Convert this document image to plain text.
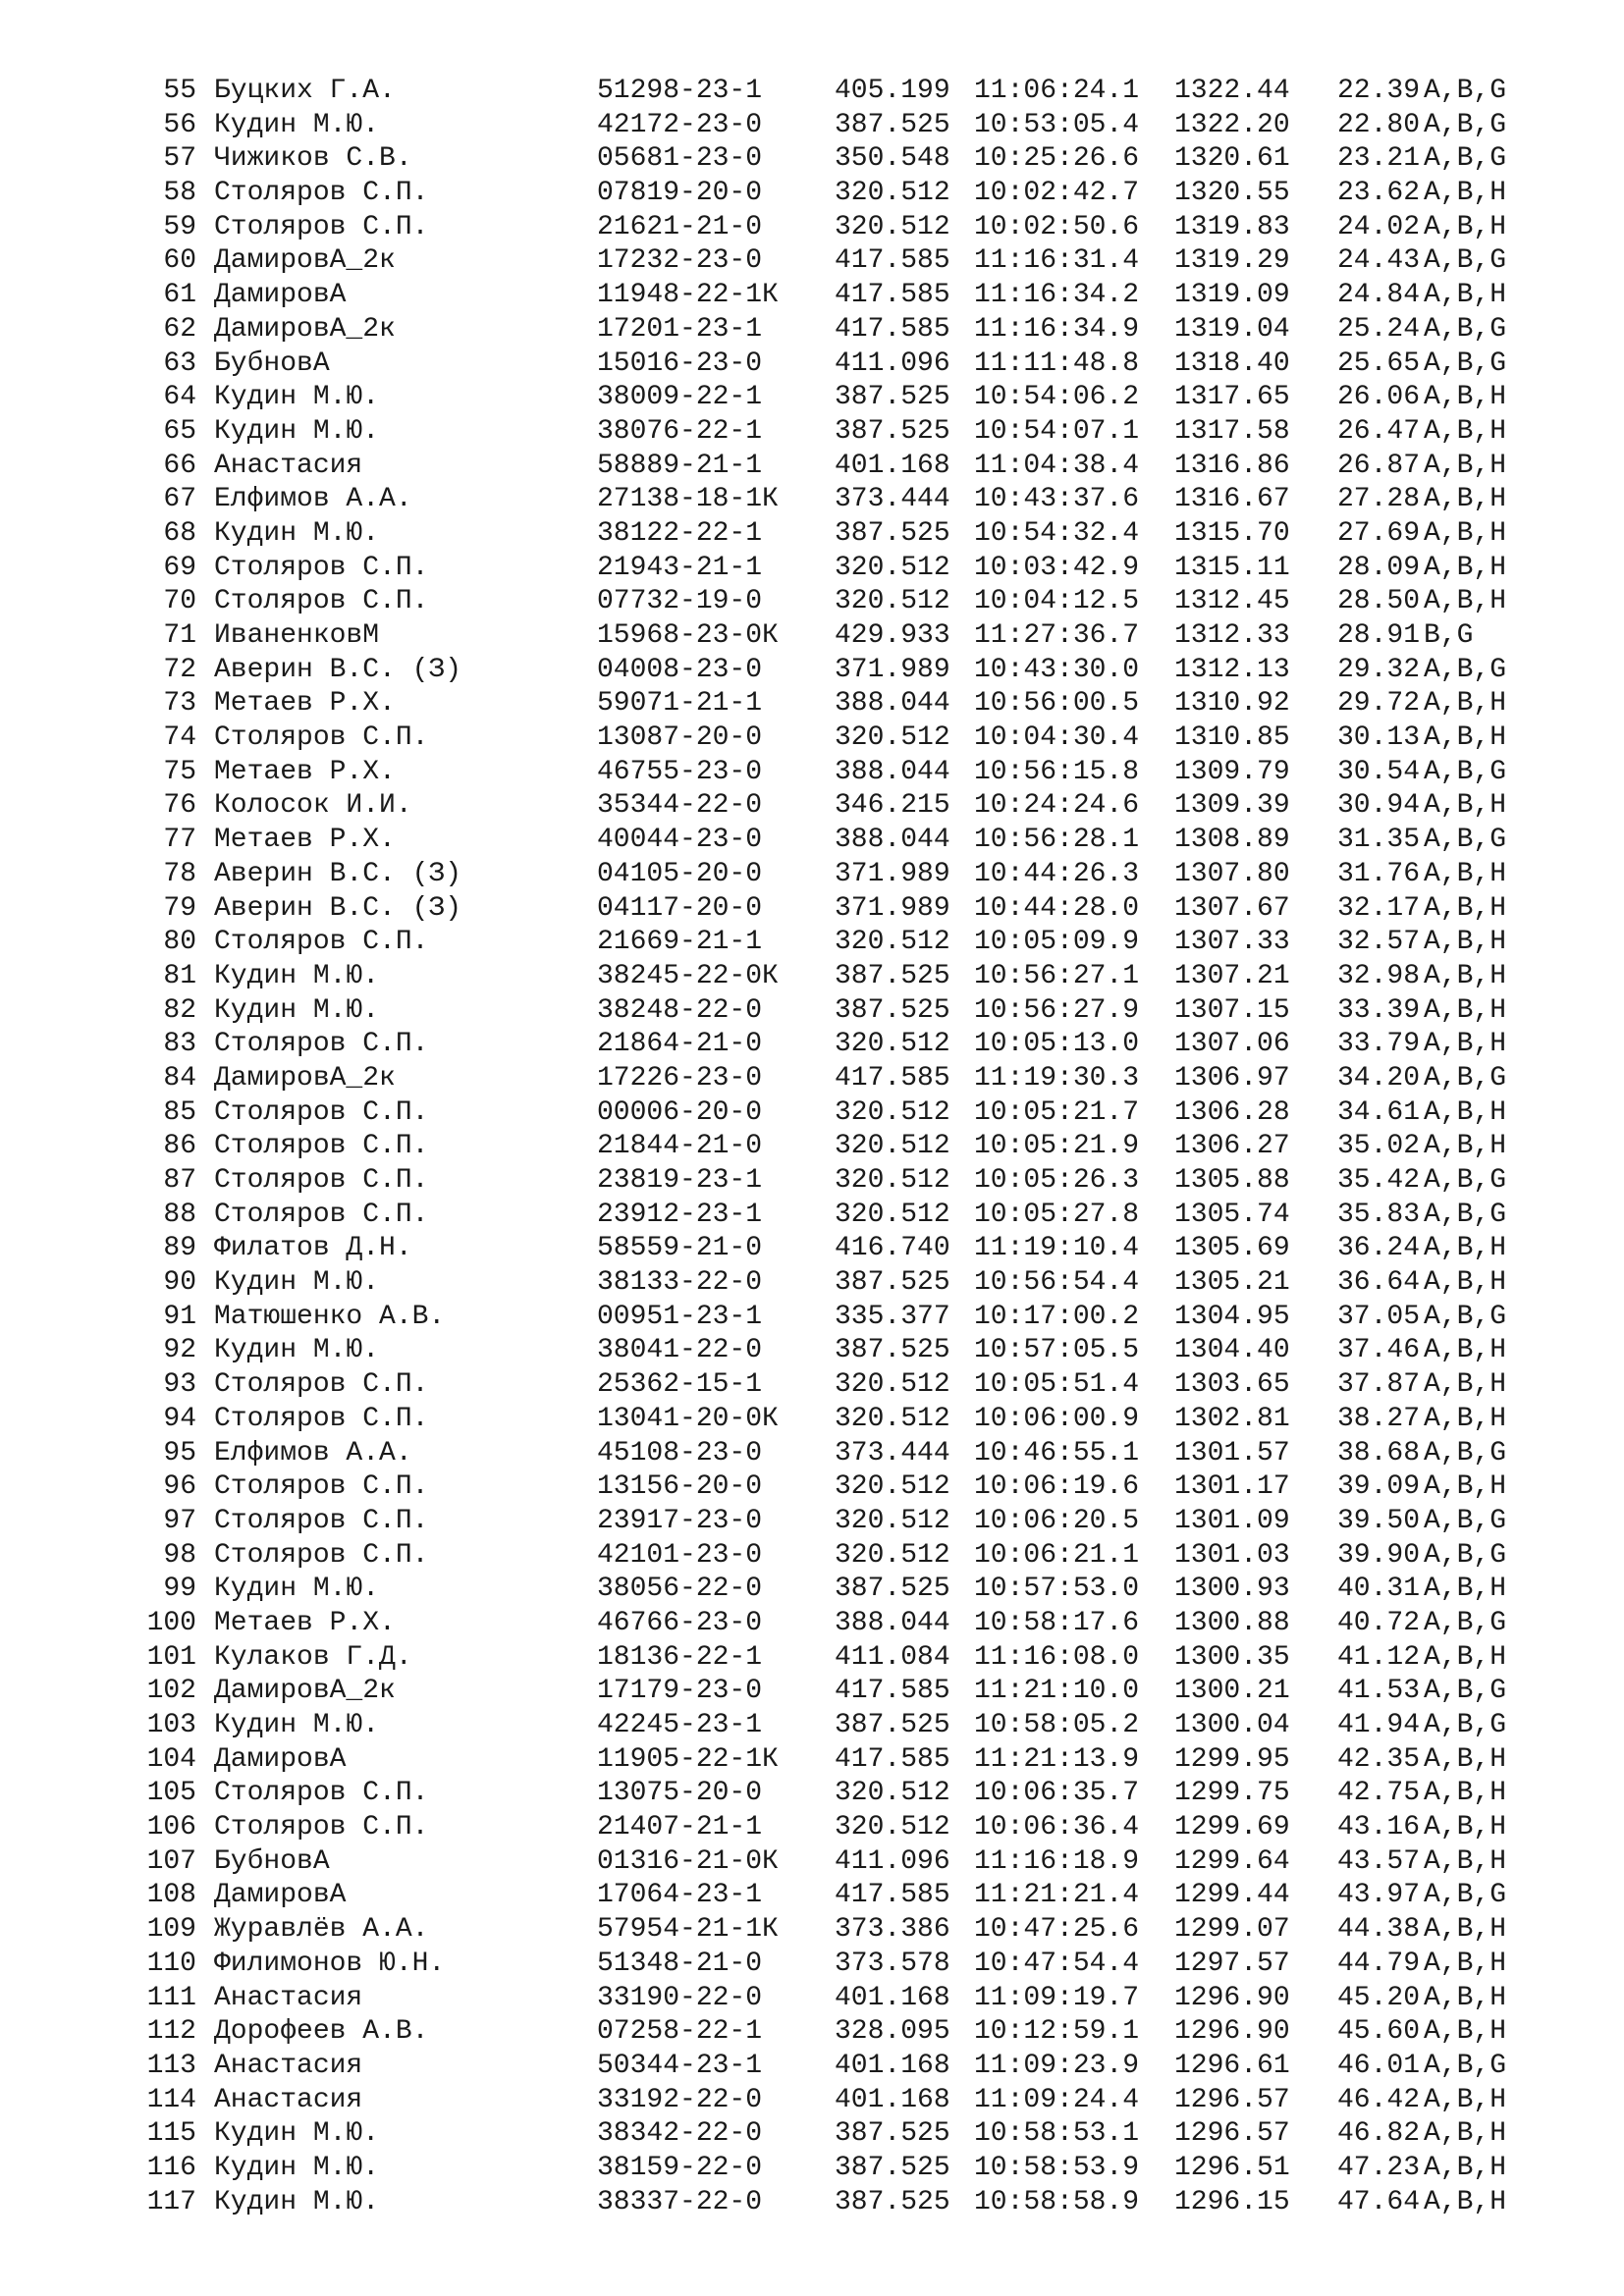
55 Буцких Г.А.	51298-23-1	405.199 11:06:24.1 1322.44 22.39 A,B,G
56 Кудин М.Ю.	42172-23-0	387.525 10:53:05.4 1322.20 22.80 A,B,G
57 Чижиков С.В.	05681-23-0	350.548 10:25:26.6 1320.61 23.21 A,B,G
58 Столяров С.П.	07819-20-0	320.512 10:02:42.7 1320.55 23.62 A,B,H
59 Столяров С.П.	21621-21-0	320.512 10:02:50.6 1319.83 24.02 A,B,H
60 ДамировА_2к	17232-23-0	417.585 11:16:31.4 1319.29 24.43 A,B,G
61 ДамировА	11948-22-1К 417.585 11:16:34.2 1319.09 24.84 A,B,H
62 ДамировА_2к	17201-23-1	417.585 11:16:34.9 1319.04 25.24 A,B,G
63 БубновА	15016-23-0	411.096 11:11:48.8 1318.40 25.65 A,B,G
64 Кудин М.Ю.	38009-22-1	387.525 10:54:06.2 1317.65 26.06 A,B,H
65 Кудин М.Ю.	38076-22-1	387.525 10:54:07.1 1317.58 26.47 A,B,H
66 Анастасия	58889-21-1	401.168 11:04:38.4 1316.86 26.87 A,B,H
67 Елфимов А.А.	27138-18-1К 373.444 10:43:37.6 1316.67 27.28 A,B,H
68 Кудин М.Ю.	38122-22-1	387.525 10:54:32.4 1315.70 27.69 A,B,H
69 Столяров С.П.	21943-21-1	320.512 10:03:42.9 1315.11 28.09 A,B,H
70 Столяров С.П.	07732-19-0	320.512 10:04:12.5 1312.45 28.50 A,B,H
71 ИваненковМ	15968-23-0К 429.933 11:27:36.7 1312.33 28.91 B,G
72 Аверин В.С. (З)	04008-23-0	371.989 10:43:30.0 1312.13 29.32 A,B,G
73 Метаев Р.Х.	59071-21-1	388.044 10:56:00.5 1310.92 29.72 A,B,H
74 Столяров С.П.	13087-20-0	320.512 10:04:30.4 1310.85 30.13 A,B,H
75 Метаев Р.Х.	46755-23-0	388.044 10:56:15.8 1309.79 30.54 A,B,G
76 Колосок И.И.	35344-22-0	346.215 10:24:24.6 1309.39 30.94 A,B,H
77 Метаев Р.Х.	40044-23-0	388.044 10:56:28.1 1308.89 31.35 A,B,G
78 Аверин В.С. (З)	04105-20-0	371.989 10:44:26.3 1307.80 31.76 A,B,H
79 Аверин В.С. (З)	04117-20-0	371.989 10:44:28.0 1307.67 32.17 A,B,H
80 Столяров С.П.	21669-21-1	320.512 10:05:09.9 1307.33 32.57 A,B,H
81 Кудин М.Ю.	38245-22-0К 387.525 10:56:27.1 1307.21 32.98 A,B,H
82 Кудин М.Ю.	38248-22-0	387.525 10:56:27.9 1307.15 33.39 A,B,H
83 Столяров С.П.	21864-21-0	320.512 10:05:13.0 1307.06 33.79 A,B,H
84 ДамировА_2к	17226-23-0	417.585 11:19:30.3 1306.97 34.20 A,B,G
85 Столяров С.П.	00006-20-0	320.512 10:05:21.7 1306.28 34.61 A,B,H
86 Столяров С.П.	21844-21-0	320.512 10:05:21.9 1306.27 35.02 A,B,H
87 Столяров С.П.	23819-23-1	320.512 10:05:26.3 1305.88 35.42 A,B,G
88 Столяров С.П.	23912-23-1	320.512 10:05:27.8 1305.74 35.83 A,B,G
89 Филатов Д.Н.	58559-21-0	416.740 11:19:10.4 1305.69 36.24 A,B,H
90 Кудин М.Ю.	38133-22-0	387.525 10:56:54.4 1305.21 36.64 A,B,H
91 Матюшенко А.В.	00951-23-1	335.377 10:17:00.2 1304.95 37.05 A,B,G
92 Кудин М.Ю.	38041-22-0	387.525 10:57:05.5 1304.40 37.46 A,B,H
93 Столяров С.П.	25362-15-1	320.512 10:05:51.4 1303.65 37.87 A,B,H
94 Столяров С.П.	13041-20-0К 320.512 10:06:00.9 1302.81 38.27 A,B,H
95 Елфимов А.А.	45108-23-0	373.444 10:46:55.1 1301.57 38.68 A,B,G
96 Столяров С.П.	13156-20-0	320.512 10:06:19.6 1301.17 39.09 A,B,H
97 Столяров С.П.	23917-23-0	320.512 10:06:20.5 1301.09 39.50 A,B,G
98 Столяров С.П.	42101-23-0	320.512 10:06:21.1 1301.03 39.90 A,B,G
99 Кудин М.Ю.	38056-22-0	387.525 10:57:53.0 1300.93 40.31 A,B,H
100 Метаев Р.Х.	46766-23-0	388.044 10:58:17.6 1300.88 40.72 A,B,G
101 Кулаков Г.Д.	18136-22-1	411.084 11:16:08.0 1300.35 41.12 A,B,H
102 ДамировА_2к	17179-23-0	417.585 11:21:10.0 1300.21 41.53 A,B,G
103 Кудин М.Ю.	42245-23-1	387.525 10:58:05.2 1300.04 41.94 A,B,G
104 ДамировА	11905-22-1К 417.585 11:21:13.9 1299.95 42.35 A,B,H
105 Столяров С.П.	13075-20-0	320.512 10:06:35.7 1299.75 42.75 A,B,H
106 Столяров С.П.	21407-21-1	320.512 10:06:36.4 1299.69 43.16 A,B,H
107 БубновА	01316-21-0К 411.096 11:16:18.9 1299.64 43.57 A,B,H
108 ДамировА	17064-23-1	417.585 11:21:21.4 1299.44 43.97 A,B,G
109 Журавлёв А.А.	57954-21-1К 373.386 10:47:25.6 1299.07 44.38 A,B,H
110 Филимонов Ю.Н.	51348-21-0	373.578 10:47:54.4 1297.57 44.79 A,B,H
111 Анастасия	33190-22-0	401.168 11:09:19.7 1296.90 45.20 A,B,H
112 Дорофеев А.В.	07258-22-1	328.095 10:12:59.1 1296.90 45.60 A,B,H
113 Анастасия	50344-23-1	401.168 11:09:23.9 1296.61 46.01 A,B,G
114 Анастасия	33192-22-0	401.168 11:09:24.4 1296.57 46.42 A,B,H
115 Кудин М.Ю.	38342-22-0	387.525 10:58:53.1 1296.57 46.82 A,B,H
116 Кудин М.Ю.	38159-22-0	387.525 10:58:53.9 1296.51 47.23 A,B,H
117 Кудин М.Ю.	38337-22-0	387.525 10:58:58.9 1296.15 47.64 A,B,H
